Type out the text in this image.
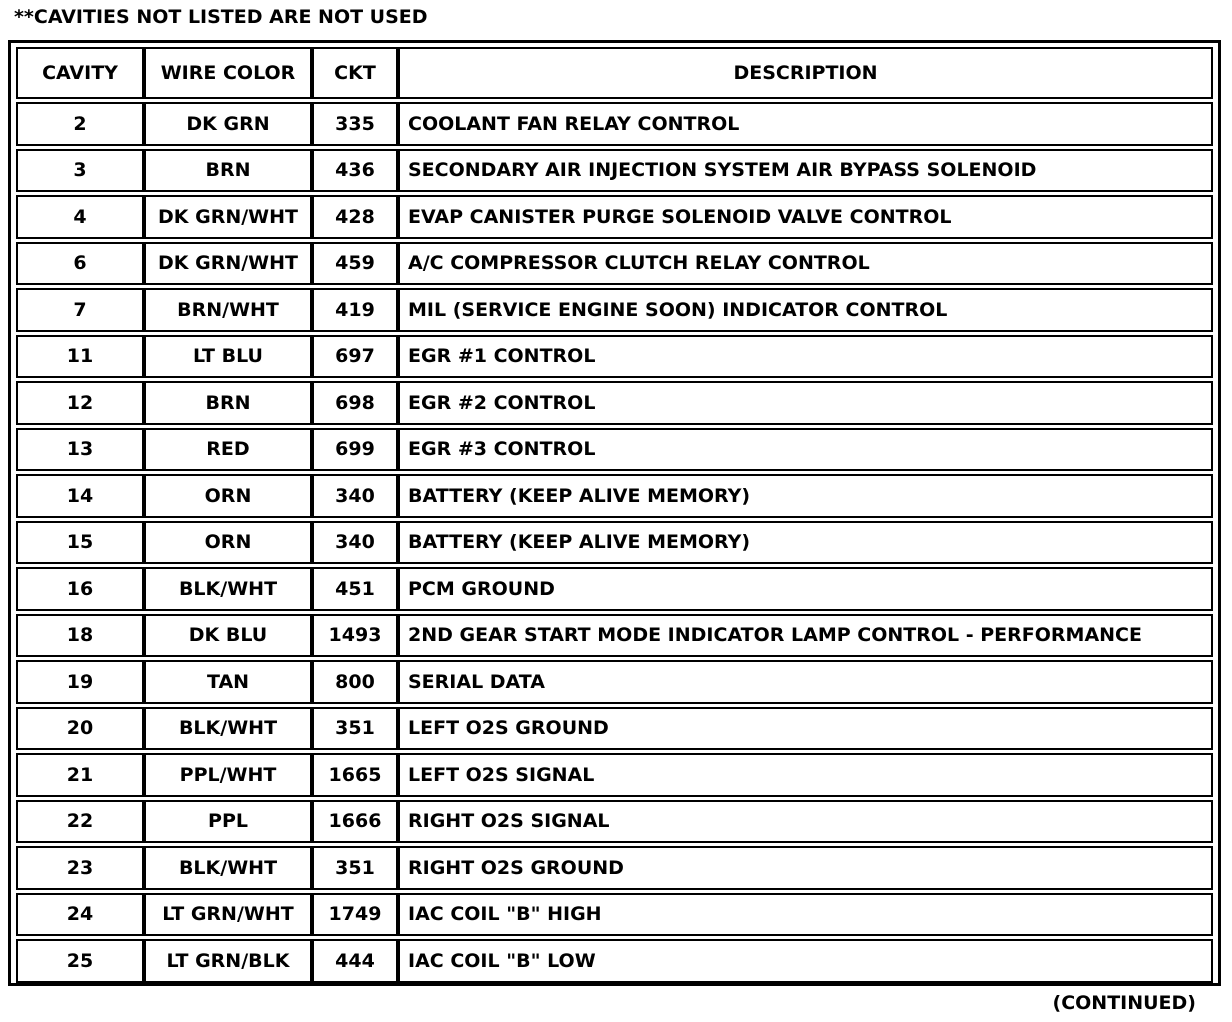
**CAVITIES NOT LISTED ARE NOT USED
CAVITY	WIRE COLOR	CKT	DESCRIPTION
2	DK GRN	335	COOLANT FAN RELAY CONTROL
3	BRN	436	SECONDARY AIR INJECTION SYSTEM AIR BYPASS SOLENOID
4	DK GRN/WHT	428	EVAP CANISTER PURGE SOLENOID VALVE CONTROL
6	DK GRN/WHT	459	A/C COMPRESSOR CLUTCH RELAY CONTROL
7	BRN/WHT	419	MIL (SERVICE ENGINE SOON) INDICATOR CONTROL
11	LT BLU	697	EGR #1 CONTROL
12	BRN	698	EGR #2 CONTROL
13	RED	699	EGR #3 CONTROL
14	ORN	340	BATTERY (KEEP ALIVE MEMORY)
15	ORN	340	BATTERY (KEEP ALIVE MEMORY)
16	BLK/WHT	451	PCM GROUND
18	DK BLU	1493	2ND GEAR START MODE INDICATOR LAMP CONTROL - PERFORMANCE
19	TAN	800	SERIAL DATA
20	BLK/WHT	351	LEFT O2S GROUND
21	PPL/WHT	1665	LEFT O2S SIGNAL
22	PPL	1666	RIGHT O2S SIGNAL
23	BLK/WHT	351	RIGHT O2S GROUND
24	LT GRN/WHT	1749	IAC COIL "B" HIGH
25	LT GRN/BLK	444	IAC COIL "B" LOW
(CONTINUED)
